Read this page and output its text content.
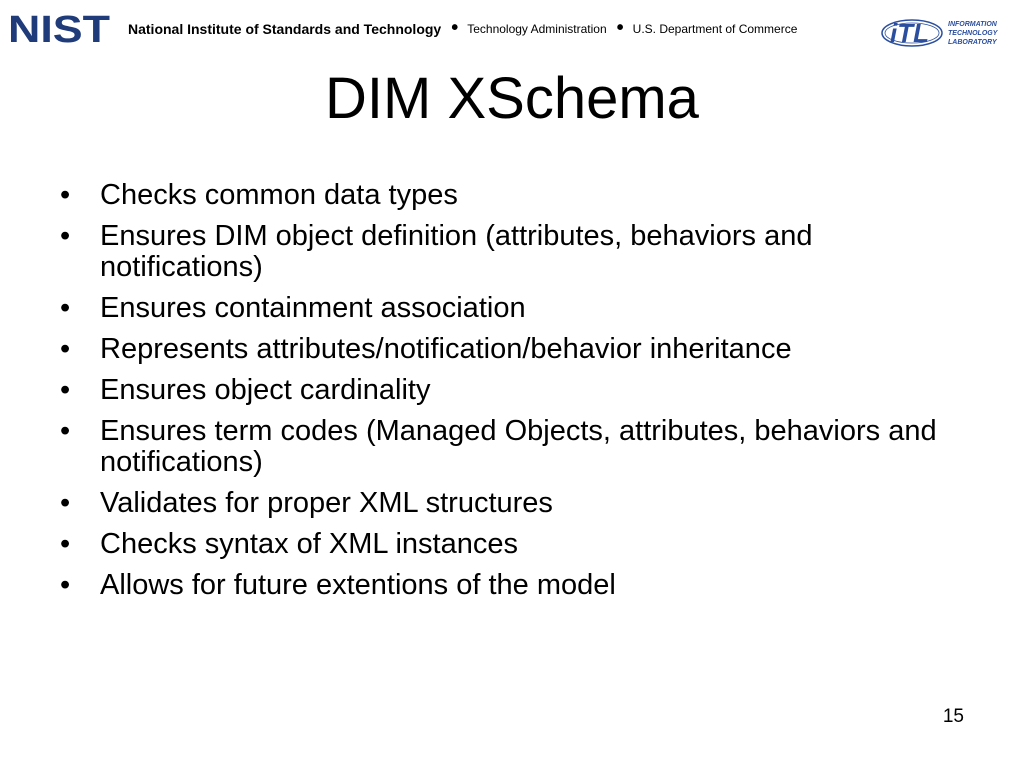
NIST National Institute of Standards and Technology • Technology Administration • U.S. Department of Commerce	iTL	INFORMATION
TECHNOLOGY
LABORATORY
DIM XSchema
•	Checks common data types
•	Ensures DIM object definition (attributes, behaviors and notifications)
•	Ensures containment association
•	Represents attributes/notification/behavior inheritance
•	Ensures object cardinality
•	Ensures term codes (Managed Objects, attributes, behaviors and notifications)
•	Validates for proper XML structures
•	Checks syntax of XML instances
•	Allows for future extentions of the model
15
